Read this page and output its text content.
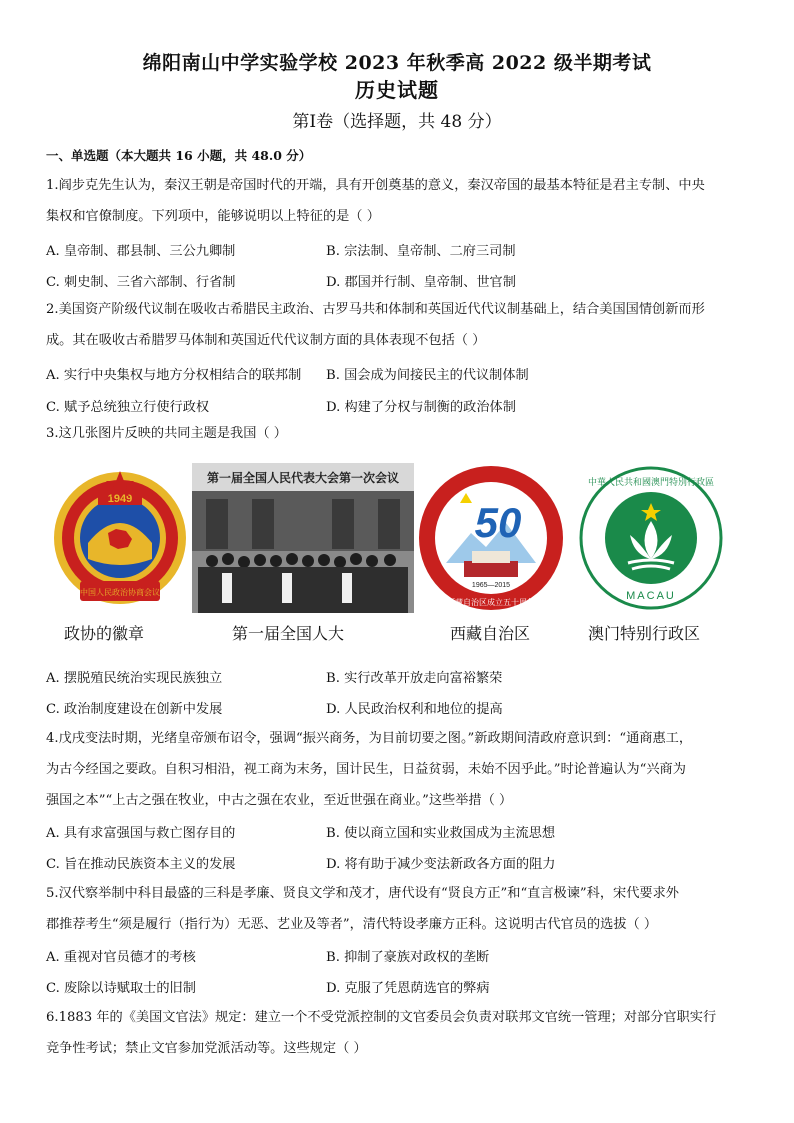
绵阳南山中学实验学校 2023 年秋季高 2022 级半期考试
历史试题
第Ⅰ卷（选择题，共 48 分）
一、单选题（本大题共 16 小题，共 48.0 分）

1.阎步克先生认为，秦汉王朝是帝国时代的开端，具有开创奠基的意义，秦汉帝国的最基本特征是君主专制、中央

集权和官僚制度。下列项中，能够说明以上特征的是（ ）

A. 皇帝制、郡县制、三公九卿制	B. 宗法制、皇帝制、二府三司制
C. 刺史制、三省六部制、行省制	D. 郡国并行制、皇帝制、世官制

2.美国资产阶级代议制在吸收古希腊民主政治、古罗马共和体制和英国近代代议制基础上，结合美国国情创新而形

成。其在吸收古希腊罗马体制和英国近代代议制方面的具体表现不包括（ ）

A. 实行中央集权与地方分权相结合的联邦制 B. 国会成为间接民主的代议制体制
C. 赋予总统独立行使行政权	D. 构建了分权与制衡的政治体制

3.这几张图片反映的共同主题是我国（ ）

1949
中国人民政治协商会议
第一届全国人民代表大会第一次会议
50
1965—2015
西藏自治区成立五十周年
中華人民共和國澳門特別行政區
MACAU
政协的徽章	第一届全国人大	西藏自治区	澳门特别行政区
A. 摆脱殖民统治实现民族独立	B. 实行改革开放走向富裕繁荣
C. 政治制度建设在创新中发展	D. 人民政治权利和地位的提高

4.戊戌变法时期，光绪皇帝颁布诏令，强调“振兴商务，为目前切要之图。”新政期间清政府意识到：“通商惠工，

为古今经国之要政。自积习相沿，视工商为末务，国计民生，日益贫弱，未始不因乎此。”时论普遍认为“兴商为

强国之本”“上古之强在牧业，中古之强在农业，至近世强在商业。”这些举措（ ）

A. 具有求富强国与救亡图存目的	B. 使以商立国和实业救国成为主流思想
C. 旨在推动民族资本主义的发展	D. 将有助于减少变法新政各方面的阻力

5.汉代察举制中科目最盛的三科是孝廉、贤良文学和茂才，唐代设有“贤良方正”和“直言极谏”科，宋代要求外

郡推荐考生“须是履行（指行为）无恶、艺业及等者”，清代特设孝廉方正科。这说明古代官员的选拔（ ）

A. 重视对官员德才的考核	B. 抑制了豪族对政权的垄断
C. 废除以诗赋取士的旧制	D. 克服了凭恩荫选官的弊病

6.1883 年的《美国文官法》规定：建立一个不受党派控制的文官委员会负责对联邦文官统一管理；对部分官职实行

竞争性考试；禁止文官参加党派活动等。这些规定（ ）
